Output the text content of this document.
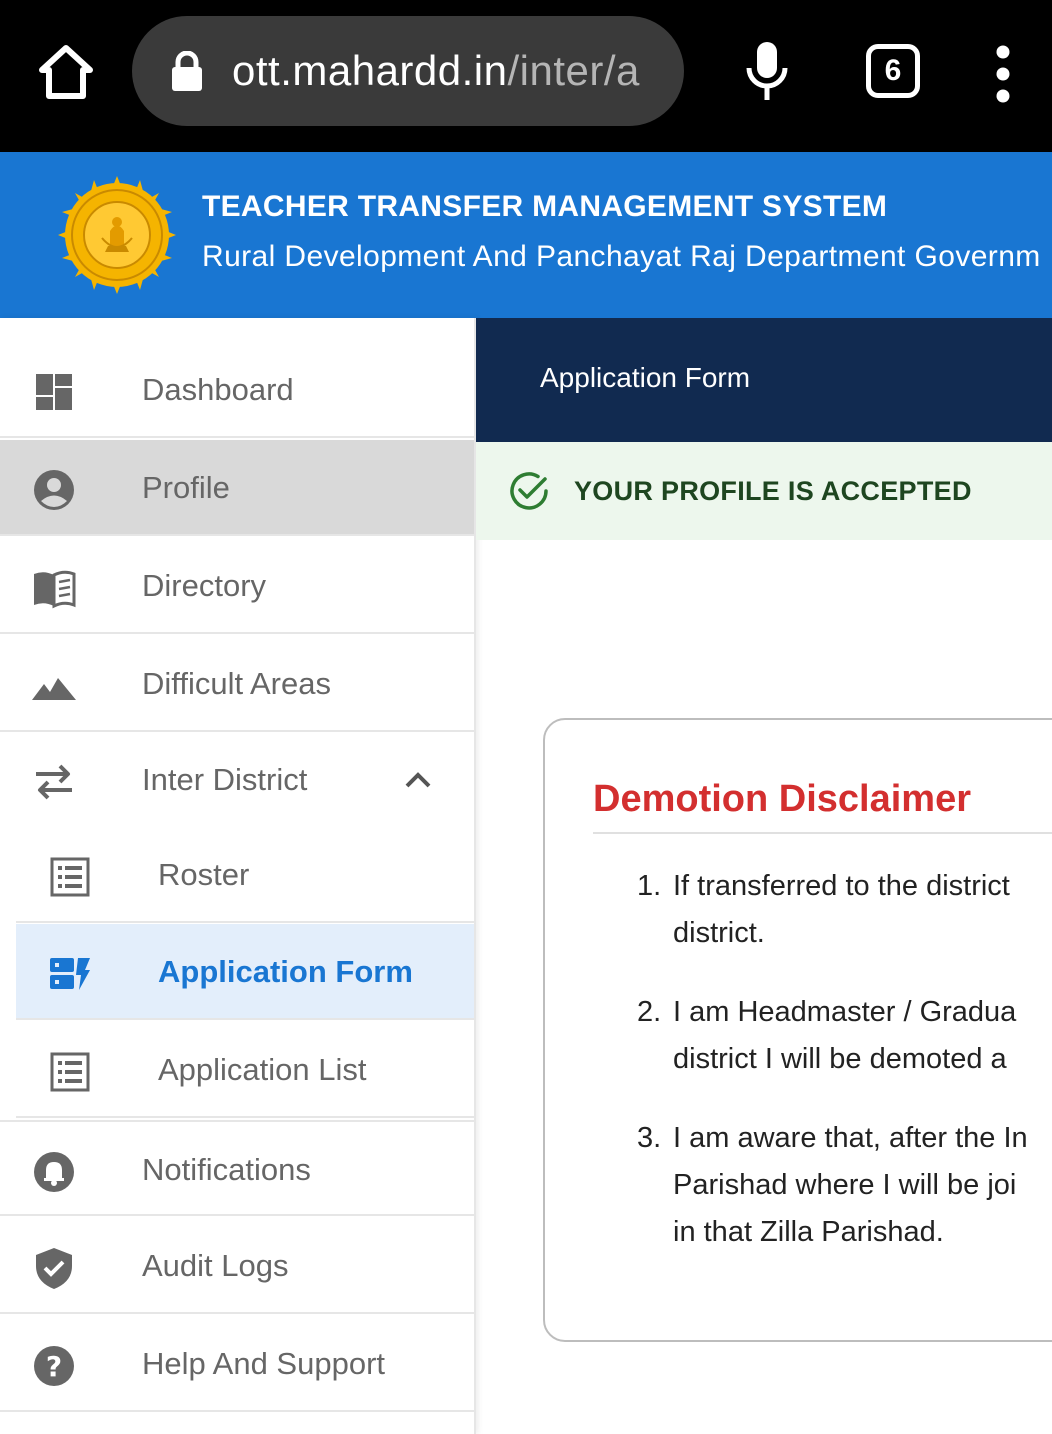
ott.mahardd.in/inter/a	6
TEACHER TRANSFER MANAGEMENT SYSTEM
Rural Development And Panchayat Raj Department Governm
Dashboard
Profile
Directory
Difficult Areas
Inter District
Roster
Application Form
Application List
Notifications
Audit Logs
?	Help And Support
Application Form
YOUR PROFILE IS ACCEPTED
Demotion Disclaimer
1. If transferred to the district
district.
2. I am Headmaster / Gradua
district I will be demoted a
3. I am aware that, after the In
Parishad where I will be joi
in that Zilla Parishad.
